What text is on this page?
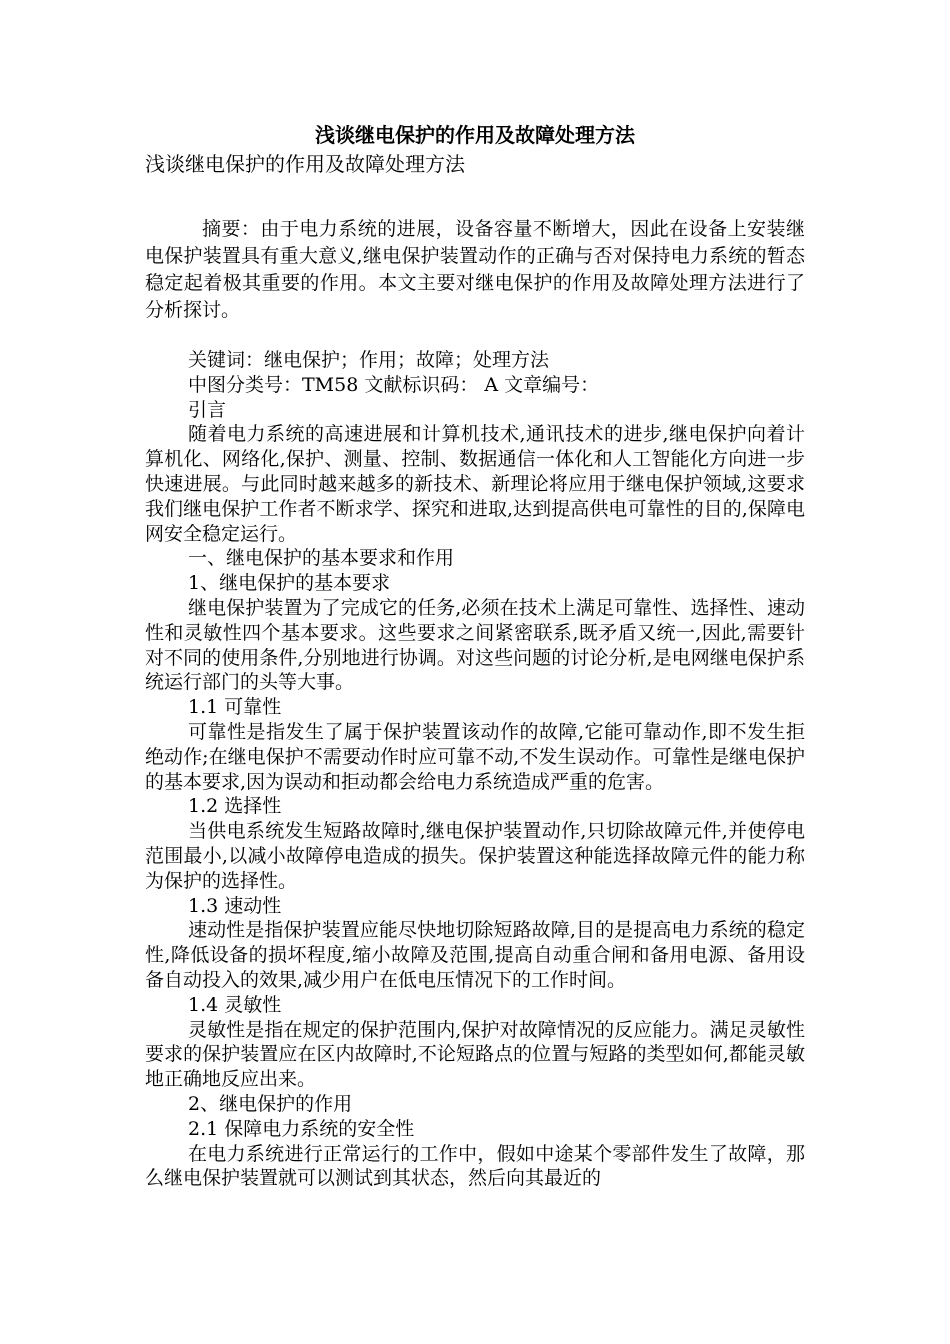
浅谈继电保护的作用及故障处理方法
浅谈继电保护的作用及故障处理方法

摘要：由于电力系统的进展，设备容量不断增大，因此在设备上安装继电保护装置具有重大意义,继电保护装置动作的正确与否对保持电力系统的暂态稳定起着极其重要的作用。本文主要对继电保护的作用及故障处理方法进行了分析探讨。

关键词：继电保护；作用；故障；处理方法

中图分类号：TM58 文献标识码： A 文章编号：

引言

随着电力系统的高速进展和计算机技术,通讯技术的进步,继电保护向着计算机化、网络化,保护、测量、控制、数据通信一体化和人工智能化方向进一步快速进展。与此同时越来越多的新技术、新理论将应用于继电保护领域,这要求我们继电保护工作者不断求学、探究和进取,达到提高供电可靠性的目的,保障电网安全稳定运行。

一、继电保护的基本要求和作用

1、继电保护的基本要求

继电保护装置为了完成它的任务,必须在技术上满足可靠性、选择性、速动性和灵敏性四个基本要求。这些要求之间紧密联系,既矛盾又统一,因此,需要针对不同的使用条件,分别地进行协调。对这些问题的讨论分析,是电网继电保护系统运行部门的头等大事。

1.1 可靠性

可靠性是指发生了属于保护装置该动作的故障,它能可靠动作,即不发生拒绝动作;在继电保护不需要动作时应可靠不动,不发生误动作。可靠性是继电保护的基本要求,因为误动和拒动都会给电力系统造成严重的危害。

1.2 选择性

当供电系统发生短路故障时,继电保护装置动作,只切除故障元件,并使停电范围最小,以减小故障停电造成的损失。保护装置这种能选择故障元件的能力称为保护的选择性。

1.3 速动性

速动性是指保护装置应能尽快地切除短路故障,目的是提高电力系统的稳定性,降低设备的损坏程度,缩小故障及范围,提高自动重合闸和备用电源、备用设备自动投入的效果,减少用户在低电压情况下的工作时间。

1.4 灵敏性

灵敏性是指在规定的保护范围内,保护对故障情况的反应能力。满足灵敏性要求的保护装置应在区内故障时,不论短路点的位置与短路的类型如何,都能灵敏地正确地反应出来。

2、继电保护的作用

2.1 保障电力系统的安全性

在电力系统进行正常运行的工作中，假如中途某个零部件发生了故障，那么继电保护装置就可以测试到其状态，然后向其最近的
